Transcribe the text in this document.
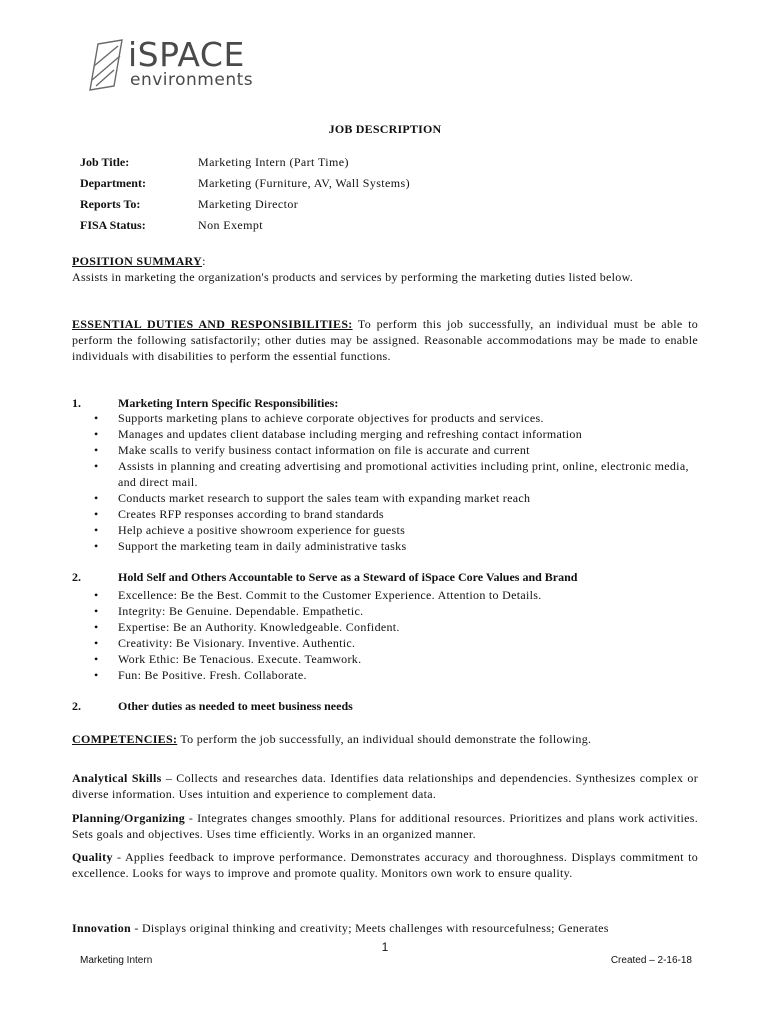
iSPACE
environments
JOB DESCRIPTION
Job Title:	Marketing Intern (Part Time)
Department:	Marketing (Furniture, AV, Wall Systems)
Reports To:	Marketing Director
FISA Status:	Non Exempt
POSITION SUMMARY:
Assists in marketing the organization's products and services by performing the marketing duties listed below.
ESSENTIAL DUTIES AND RESPONSIBILITIES: To perform this job successfully, an individual must be able to perform the following satisfactorily; other duties may be assigned. Reasonable accommodations may be made to enable individuals with disabilities to perform the essential functions.
1.	Marketing Intern Specific Responsibilities:
•	Supports marketing plans to achieve corporate objectives for products and services.
•	Manages and updates client database including merging and refreshing contact information
•	Make scalls to verify business contact information on file is accurate and current
•	Assists in planning and creating advertising and promotional activities including print, online, electronic media, and direct mail.
•	Conducts market research to support the sales team with expanding market reach
•	Creates RFP responses according to brand standards
•	Help achieve a positive showroom experience for guests
•	Support the marketing team in daily administrative tasks
2.	Hold Self and Others Accountable to Serve as a Steward of iSpace Core Values and Brand
•	Excellence: Be the Best. Commit to the Customer Experience. Attention to Details.
•	Integrity: Be Genuine. Dependable. Empathetic.
•	Expertise: Be an Authority. Knowledgeable. Confident.
•	Creativity: Be Visionary. Inventive. Authentic.
•	Work Ethic: Be Tenacious. Execute. Teamwork.
•	Fun: Be Positive. Fresh. Collaborate.
2.	Other duties as needed to meet business needs
COMPETENCIES: To perform the job successfully, an individual should demonstrate the following.
Analytical Skills – Collects and researches data. Identifies data relationships and dependencies. Synthesizes complex or diverse information. Uses intuition and experience to complement data.
Planning/Organizing - Integrates changes smoothly. Plans for additional resources. Prioritizes and plans work activities. Sets goals and objectives. Uses time efficiently. Works in an organized manner.
Quality - Applies feedback to improve performance. Demonstrates accuracy and thoroughness. Displays commitment to excellence. Looks for ways to improve and promote quality. Monitors own work to ensure quality.
Innovation - Displays original thinking and creativity; Meets challenges with resourcefulness; Generates
1
Marketing Intern	Created – 2-16-18
